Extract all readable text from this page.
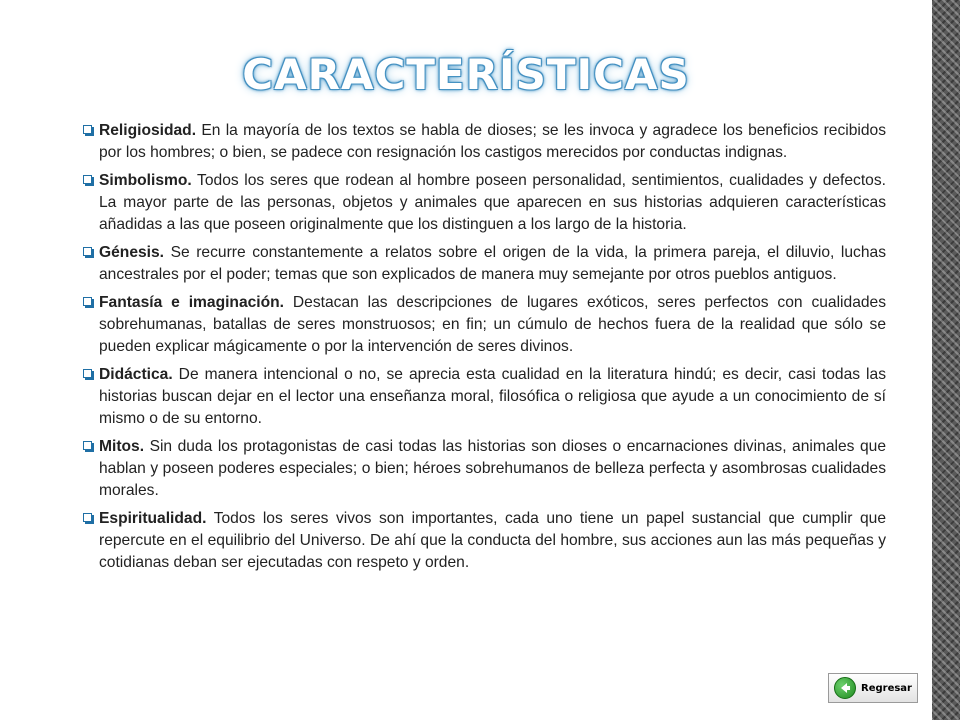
CARACTERÍSTICAS
Religiosidad. En la mayoría de los textos se habla de dioses; se les invoca y agradece los beneficios recibidos por los hombres; o bien, se padece con resignación los castigos merecidos por conductas indignas.
Simbolismo. Todos los seres que rodean al hombre poseen personalidad, sentimientos, cualidades y defectos. La mayor parte de las personas, objetos y animales que aparecen en sus historias adquieren características añadidas a las que poseen originalmente que los distinguen a los largo de la historia.
Génesis. Se recurre constantemente a relatos sobre el origen de la vida, la primera pareja, el diluvio, luchas ancestrales por el poder; temas que son explicados de manera muy semejante por otros pueblos antiguos.
Fantasía e imaginación. Destacan las descripciones de lugares exóticos, seres perfectos con cualidades sobrehumanas, batallas de seres monstruosos; en fin; un cúmulo de hechos fuera de la realidad que sólo se pueden explicar mágicamente o por la intervención de seres divinos.
Didáctica. De manera intencional o no, se aprecia esta cualidad en la literatura hindú; es decir, casi todas las historias buscan dejar en el lector una enseñanza moral, filosófica o religiosa que ayude a un conocimiento de sí mismo o de su entorno.
Mitos. Sin duda los protagonistas de casi todas las historias son dioses o encarnaciones divinas, animales que hablan y poseen poderes especiales; o bien; héroes sobrehumanos de belleza perfecta y asombrosas cualidades morales.
Espiritualidad. Todos los seres vivos son importantes, cada uno tiene un papel sustancial que cumplir que repercute en el equilibrio del Universo. De ahí que la conducta del hombre, sus acciones aun las más pequeñas y cotidianas deban ser ejecutadas con respeto y orden.
Regresar
